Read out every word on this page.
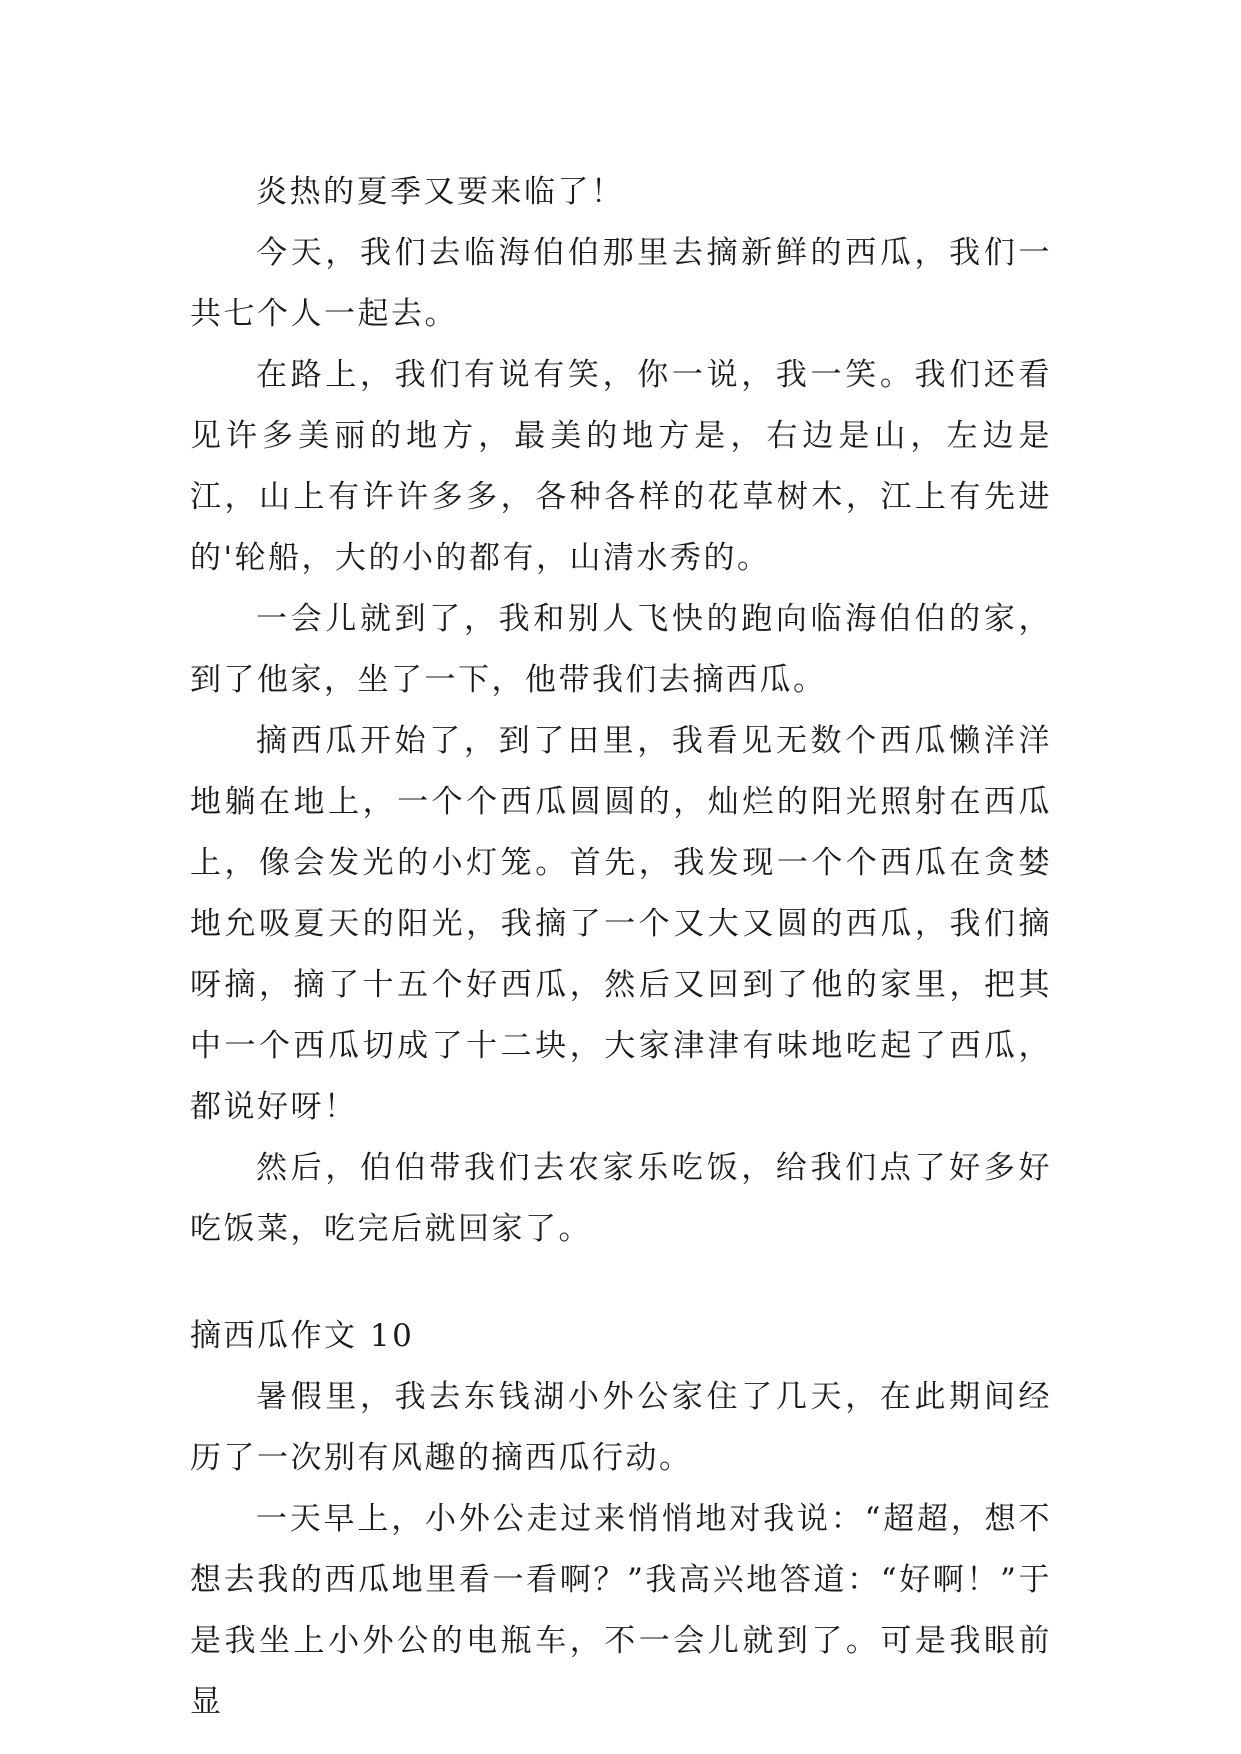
炎热的夏季又要来临了！

今天，我们去临海伯伯那里去摘新鲜的西瓜，我们一共七个人一起去。

在路上，我们有说有笑，你一说，我一笑。我们还看见许多美丽的地方，最美的地方是，右边是山，左边是江，山上有许许多多，各种各样的花草树木，江上有先进的'轮船，大的小的都有，山清水秀的。

一会儿就到了，我和别人飞快的跑向临海伯伯的家，到了他家，坐了一下，他带我们去摘西瓜。

摘西瓜开始了，到了田里，我看见无数个西瓜懒洋洋地躺在地上，一个个西瓜圆圆的，灿烂的阳光照射在西瓜上，像会发光的小灯笼。首先，我发现一个个西瓜在贪婪地允吸夏天的阳光，我摘了一个又大又圆的西瓜，我们摘呀摘，摘了十五个好西瓜，然后又回到了他的家里，把其中一个西瓜切成了十二块，大家津津有味地吃起了西瓜，都说好呀！

然后，伯伯带我们去农家乐吃饭，给我们点了好多好吃饭菜，吃完后就回家了。

摘西瓜作文 10

暑假里，我去东钱湖小外公家住了几天，在此期间经历了一次别有风趣的摘西瓜行动。

一天早上，小外公走过来悄悄地对我说：“超超，想不想去我的西瓜地里看一看啊？”我高兴地答道：“好啊！”于是我坐上小外公的电瓶车，不一会儿就到了。可是我眼前显
